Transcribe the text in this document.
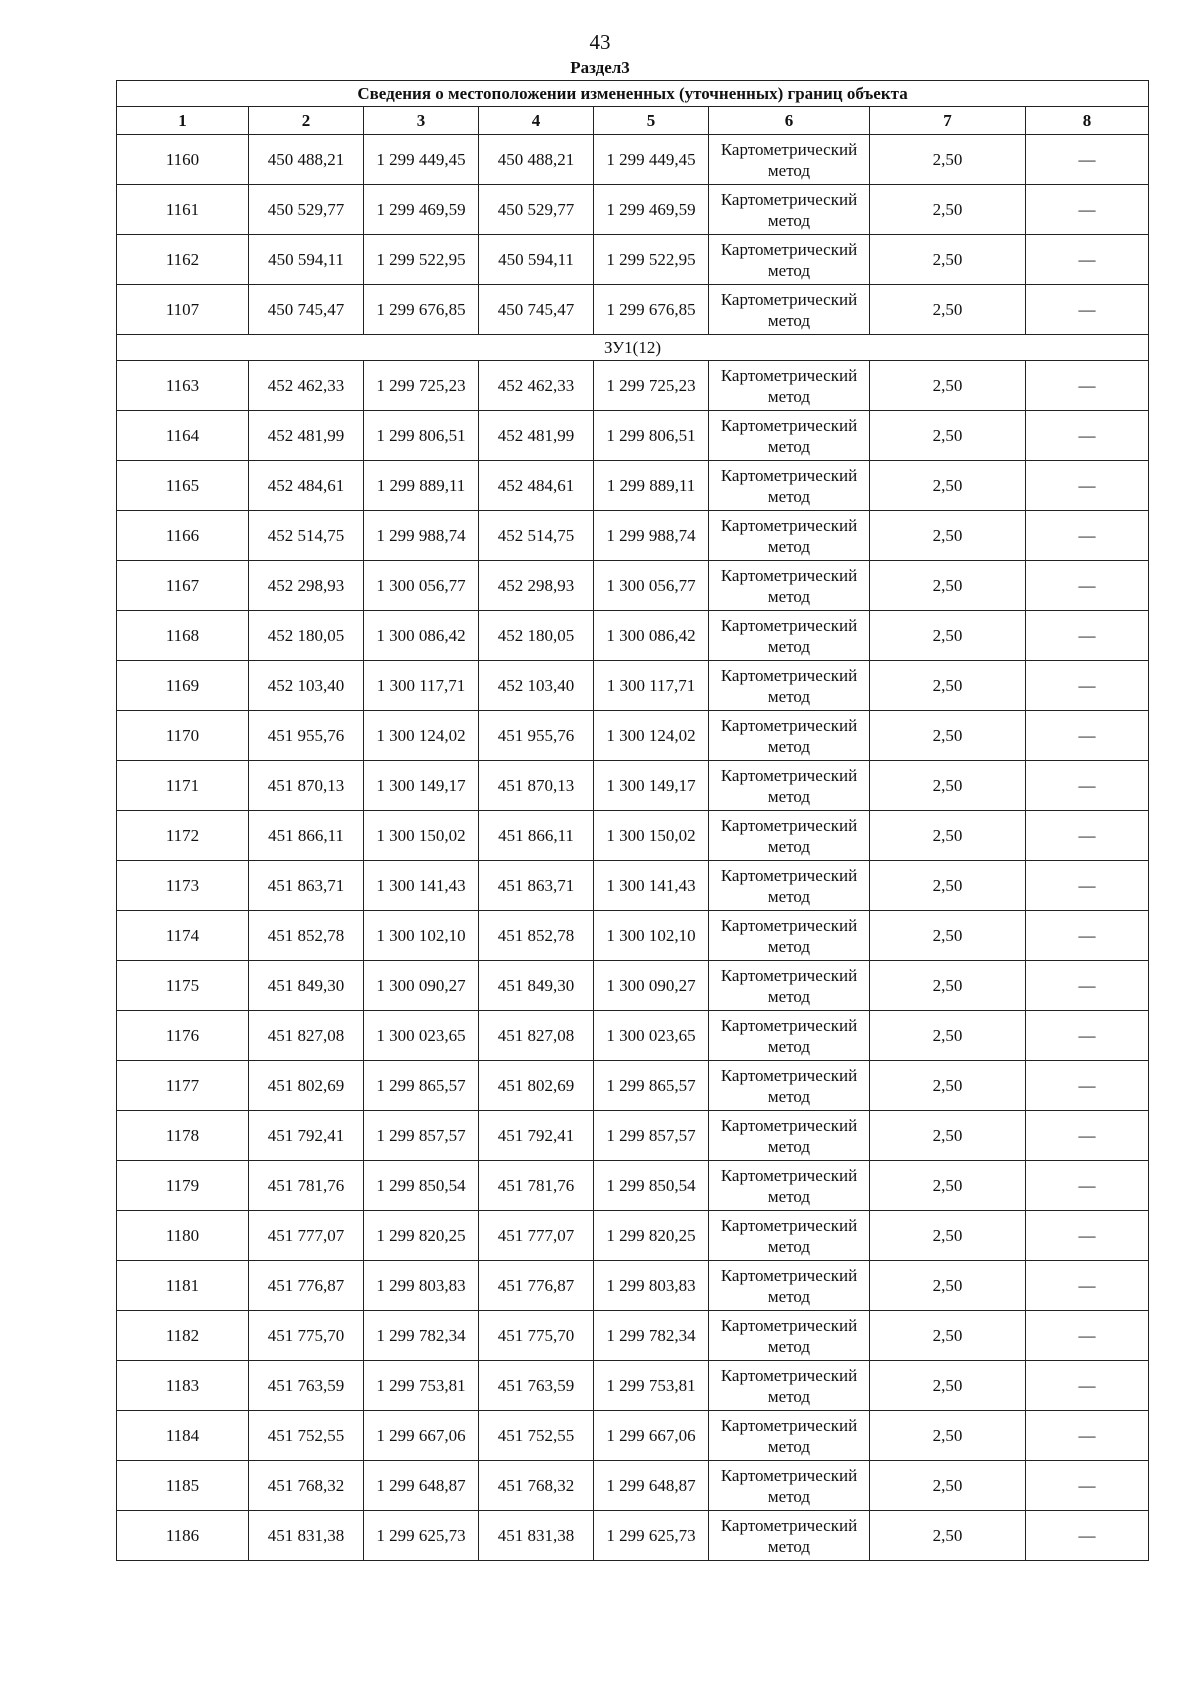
43
Раздел3
Сведения о местоположении измененных (уточненных) границ объекта							
1	2	3	4	5	6	7	8
1160	450 488,21	1 299 449,45	450 488,21	1 299 449,45	Картометрический метод	2,50	—
1161	450 529,77	1 299 469,59	450 529,77	1 299 469,59	Картометрический метод	2,50	—
1162	450 594,11	1 299 522,95	450 594,11	1 299 522,95	Картометрический метод	2,50	—
1107	450 745,47	1 299 676,85	450 745,47	1 299 676,85	Картометрический метод	2,50	—
ЗУ1(12)							
1163	452 462,33	1 299 725,23	452 462,33	1 299 725,23	Картометрический метод	2,50	—
1164	452 481,99	1 299 806,51	452 481,99	1 299 806,51	Картометрический метод	2,50	—
1165	452 484,61	1 299 889,11	452 484,61	1 299 889,11	Картометрический метод	2,50	—
1166	452 514,75	1 299 988,74	452 514,75	1 299 988,74	Картометрический метод	2,50	—
1167	452 298,93	1 300 056,77	452 298,93	1 300 056,77	Картометрический метод	2,50	—
1168	452 180,05	1 300 086,42	452 180,05	1 300 086,42	Картометрический метод	2,50	—
1169	452 103,40	1 300 117,71	452 103,40	1 300 117,71	Картометрический метод	2,50	—
1170	451 955,76	1 300 124,02	451 955,76	1 300 124,02	Картометрический метод	2,50	—
1171	451 870,13	1 300 149,17	451 870,13	1 300 149,17	Картометрический метод	2,50	—
1172	451 866,11	1 300 150,02	451 866,11	1 300 150,02	Картометрический метод	2,50	—
1173	451 863,71	1 300 141,43	451 863,71	1 300 141,43	Картометрический метод	2,50	—
1174	451 852,78	1 300 102,10	451 852,78	1 300 102,10	Картометрический метод	2,50	—
1175	451 849,30	1 300 090,27	451 849,30	1 300 090,27	Картометрический метод	2,50	—
1176	451 827,08	1 300 023,65	451 827,08	1 300 023,65	Картометрический метод	2,50	—
1177	451 802,69	1 299 865,57	451 802,69	1 299 865,57	Картометрический метод	2,50	—
1178	451 792,41	1 299 857,57	451 792,41	1 299 857,57	Картометрический метод	2,50	—
1179	451 781,76	1 299 850,54	451 781,76	1 299 850,54	Картометрический метод	2,50	—
1180	451 777,07	1 299 820,25	451 777,07	1 299 820,25	Картометрический метод	2,50	—
1181	451 776,87	1 299 803,83	451 776,87	1 299 803,83	Картометрический метод	2,50	—
1182	451 775,70	1 299 782,34	451 775,70	1 299 782,34	Картометрический метод	2,50	—
1183	451 763,59	1 299 753,81	451 763,59	1 299 753,81	Картометрический метод	2,50	—
1184	451 752,55	1 299 667,06	451 752,55	1 299 667,06	Картометрический метод	2,50	—
1185	451 768,32	1 299 648,87	451 768,32	1 299 648,87	Картометрический метод	2,50	—
1186	451 831,38	1 299 625,73	451 831,38	1 299 625,73	Картометрический метод	2,50	—
